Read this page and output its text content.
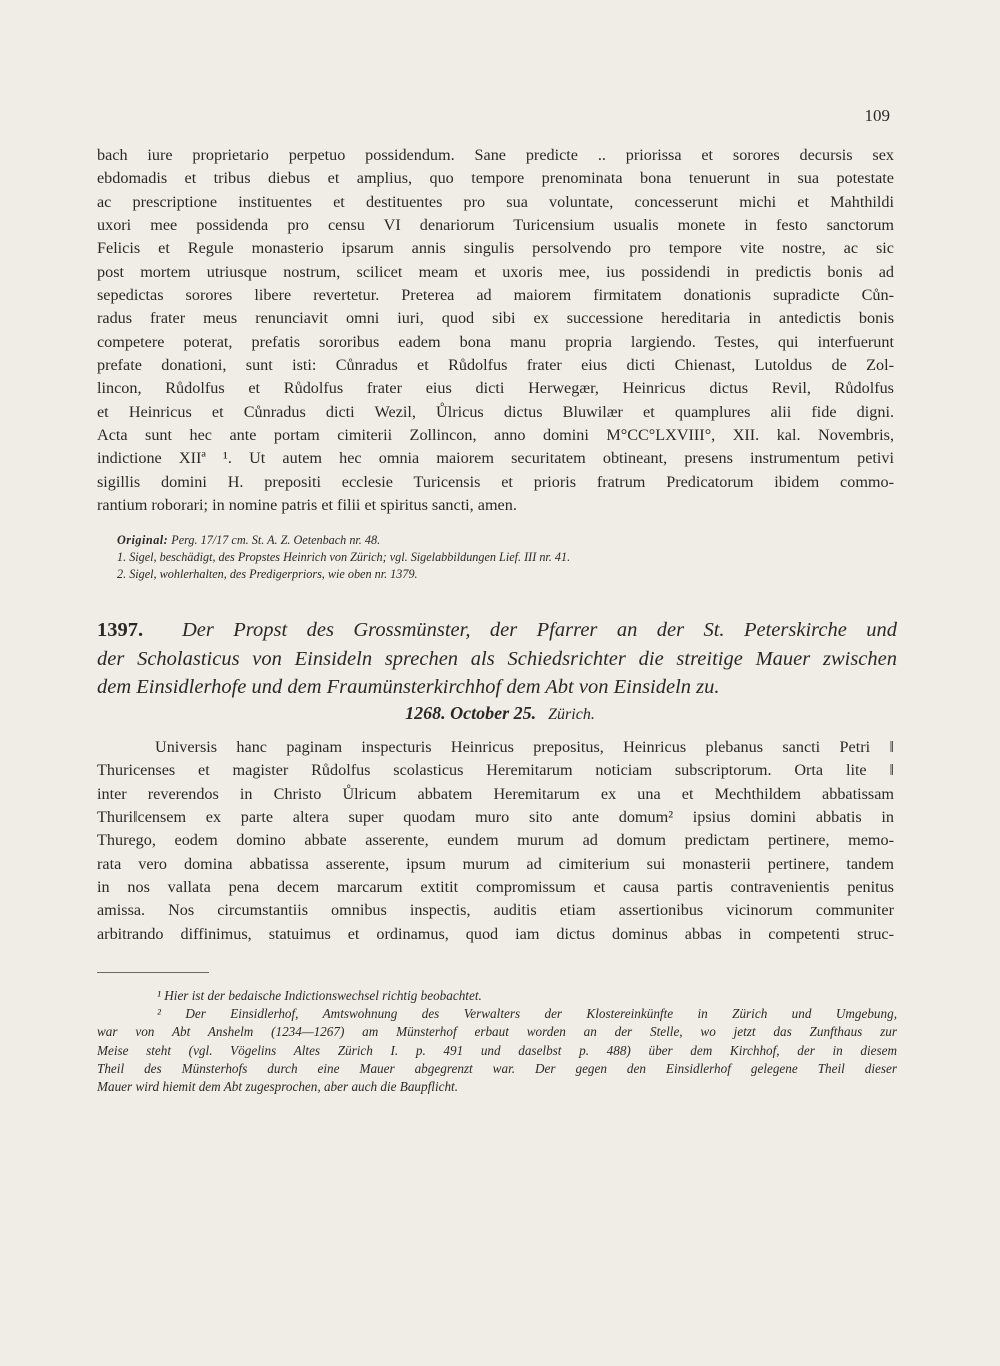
109
bach iure proprietario perpetuo possidendum. Sane predicte .. priorissa et sorores decursis sex
ebdomadis et tribus diebus et amplius, quo tempore prenominata bona tenuerunt in sua potestate
ac prescriptione instituentes et destituentes pro sua voluntate, concesserunt michi et Mahthildi
uxori mee possidenda pro censu VI denariorum Turicensium usualis monete in festo sanctorum
Felicis et Regule monasterio ipsarum annis singulis persolvendo pro tempore vite nostre, ac sic
post mortem utriusque nostrum, scilicet meam et uxoris mee, ius possidendi in predictis bonis ad
sepedictas sorores libere revertetur. Preterea ad maiorem firmitatem donationis supradicte Cůn-
radus frater meus renunciavit omni iuri, quod sibi ex successione hereditaria in antedictis bonis
competere poterat, prefatis sororibus eadem bona manu propria largiendo. Testes, qui interfuerunt
prefate donationi, sunt isti: Cůnradus et Růdolfus frater eius dicti Chienast, Lutoldus de Zol-
lincon, Růdolfus et Růdolfus frater eius dicti Herwegær, Heinricus dictus Revil, Růdolfus
et Heinricus et Cůnradus dicti Wezil, Ůlricus dictus Bluwilær et quamplures alii fide digni.
Acta sunt hec ante portam cimiterii Zollincon, anno domini M°CC°LXVIII°, XII. kal. Novembris,
indictione XIIª ¹. Ut autem hec omnia maiorem securitatem obtineant, presens instrumentum petivi
sigillis domini H. prepositi ecclesie Turicensis et prioris fratrum Predicatorum ibidem commo-
rantium roborari; in nomine patris et filii et spiritus sancti, amen.
Original: Perg. 17/17 cm. St. A. Z. Oetenbach nr. 48.
1. Sigel, beschädigt, des Propstes Heinrich von Zürich; vgl. Sigelabbildungen Lief. III nr. 41.
2. Sigel, wohlerhalten, des Predigerpriors, wie oben nr. 1379.
1397. Der Propst des Grossmünster, der Pfarrer an der St. Peterskirche und
der Scholasticus von Einsideln sprechen als Schiedsrichter die streitige Mauer zwischen
dem Einsidlerhofe und dem Fraumünsterkirchhof dem Abt von Einsideln zu.
1268. October 25. Zürich.
Universis hanc paginam inspecturis Heinricus prepositus, Heinricus plebanus sancti Petri ‖
Thuricenses et magister Růdolfus scolasticus Heremitarum noticiam subscriptorum. Orta lite ‖
inter reverendos in Christo Ůlricum abbatem Heremitarum ex una et Mechthildem abbatissam
Thuri‖censem ex parte altera super quodam muro sito ante domum² ipsius domini abbatis in
Thurego, eodem domino abbate asserente, eundem murum ad domum predictam pertinere, memo-
rata vero domina abbatissa asserente, ipsum murum ad cimiterium sui monasterii pertinere, tandem
in nos vallata pena decem marcarum extitit compromissum et causa partis contravenientis penitus
amissa. Nos circumstantiis omnibus inspectis, auditis etiam assertionibus vicinorum communiter
arbitrando diffinimus, statuimus et ordinamus, quod iam dictus dominus abbas in competenti struc-
¹ Hier ist der bedaische Indictionswechsel richtig beobachtet.
² Der Einsidlerhof, Amtswohnung des Verwalters der Klostereinkünfte in Zürich und Umgebung,
war von Abt Anshelm (1234—1267) am Münsterhof erbaut worden an der Stelle, wo jetzt das Zunfthaus zur
Meise steht (vgl. Vögelins Altes Zürich I. p. 491 und daselbst p. 488) über dem Kirchhof, der in diesem
Theil des Münsterhofs durch eine Mauer abgegrenzt war. Der gegen den Einsidlerhof gelegene Theil dieser
Mauer wird hiemit dem Abt zugesprochen, aber auch die Baupflicht.
